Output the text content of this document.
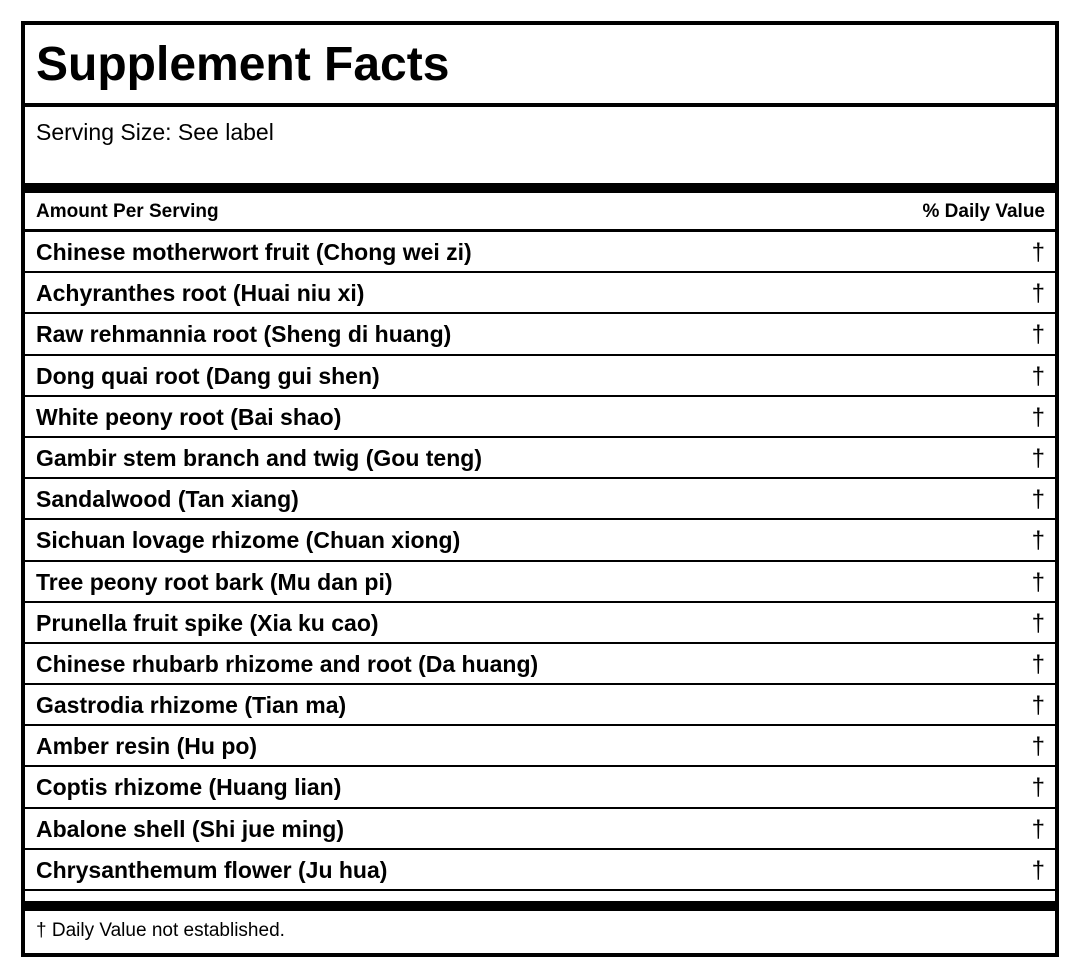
Supplement Facts
Serving Size: See label
Amount Per Serving	% Daily Value
Chinese motherwort fruit (Chong wei zi)	†
Achyranthes root (Huai niu xi)	†
Raw rehmannia root (Sheng di huang)	†
Dong quai root (Dang gui shen)	†
White peony root (Bai shao)	†
Gambir stem branch and twig (Gou teng)	†
Sandalwood (Tan xiang)	†
Sichuan lovage rhizome (Chuan xiong)	†
Tree peony root bark (Mu dan pi)	†
Prunella fruit spike (Xia ku cao)	†
Chinese rhubarb rhizome and root (Da huang)	†
Gastrodia rhizome (Tian ma)	†
Amber resin (Hu po)	†
Coptis rhizome (Huang lian)	†
Abalone shell (Shi jue ming)	†
Chrysanthemum flower (Ju hua)	†
† Daily Value not established.
